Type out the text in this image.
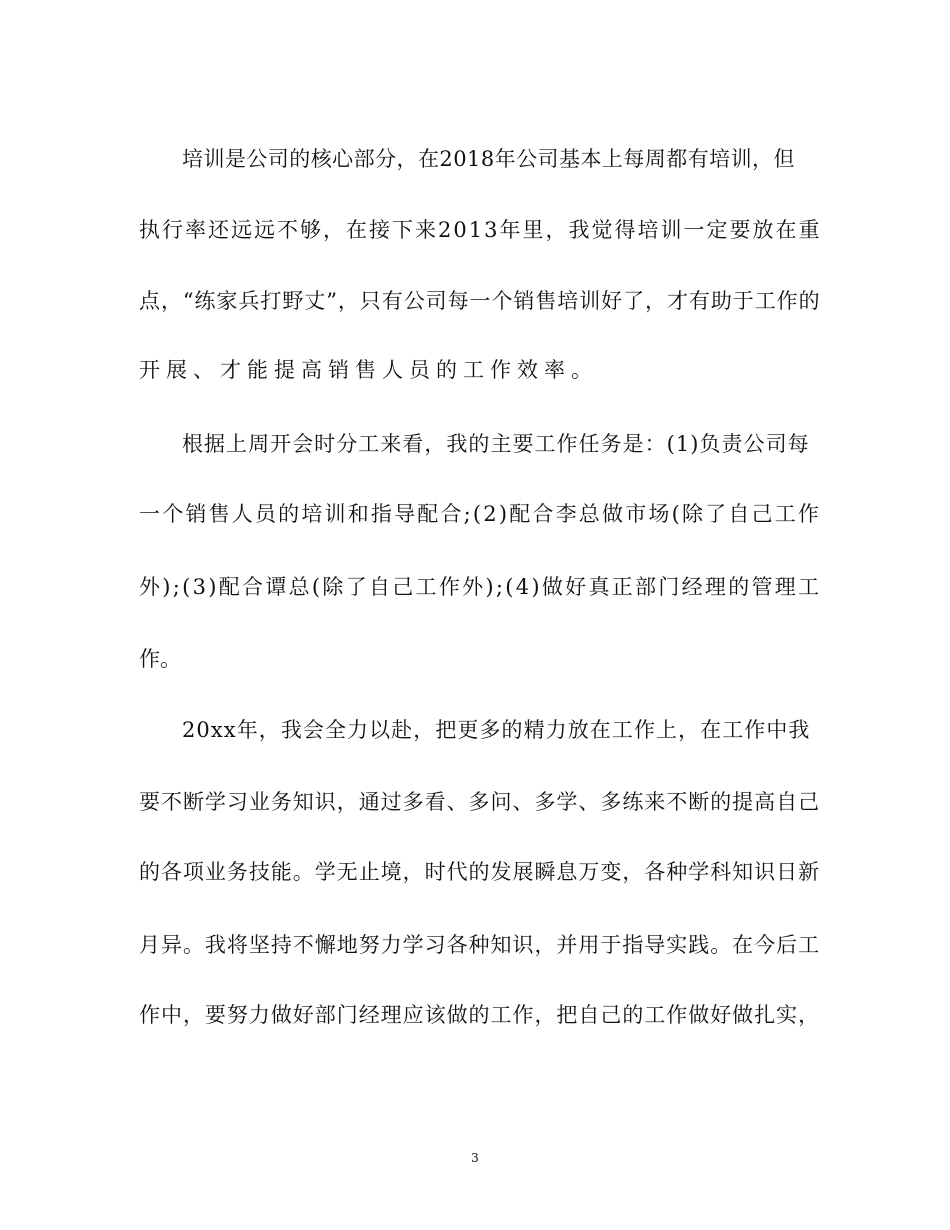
培训是公司的核心部分，在2018年公司基本上每周都有培训，但
执行率还远远不够，在接下来2013年里，我觉得培训一定要放在重
点，“练家兵打野丈”，只有公司每一个销售培训好了，才有助于工作的
开展、才能提高销售人员的工作效率。
根据上周开会时分工来看，我的主要工作任务是：(1)负责公司每
一个销售人员的培训和指导配合;(2)配合李总做市场(除了自己工作
外);(3)配合谭总(除了自己工作外);(4)做好真正部门经理的管理工
作。
20xx年，我会全力以赴，把更多的精力放在工作上，在工作中我
要不断学习业务知识，通过多看、多问、多学、多练来不断的提高自己
的各项业务技能。学无止境，时代的发展瞬息万变，各种学科知识日新
月异。我将坚持不懈地努力学习各种知识，并用于指导实践。在今后工
作中，要努力做好部门经理应该做的工作，把自己的工作做好做扎实，
3
